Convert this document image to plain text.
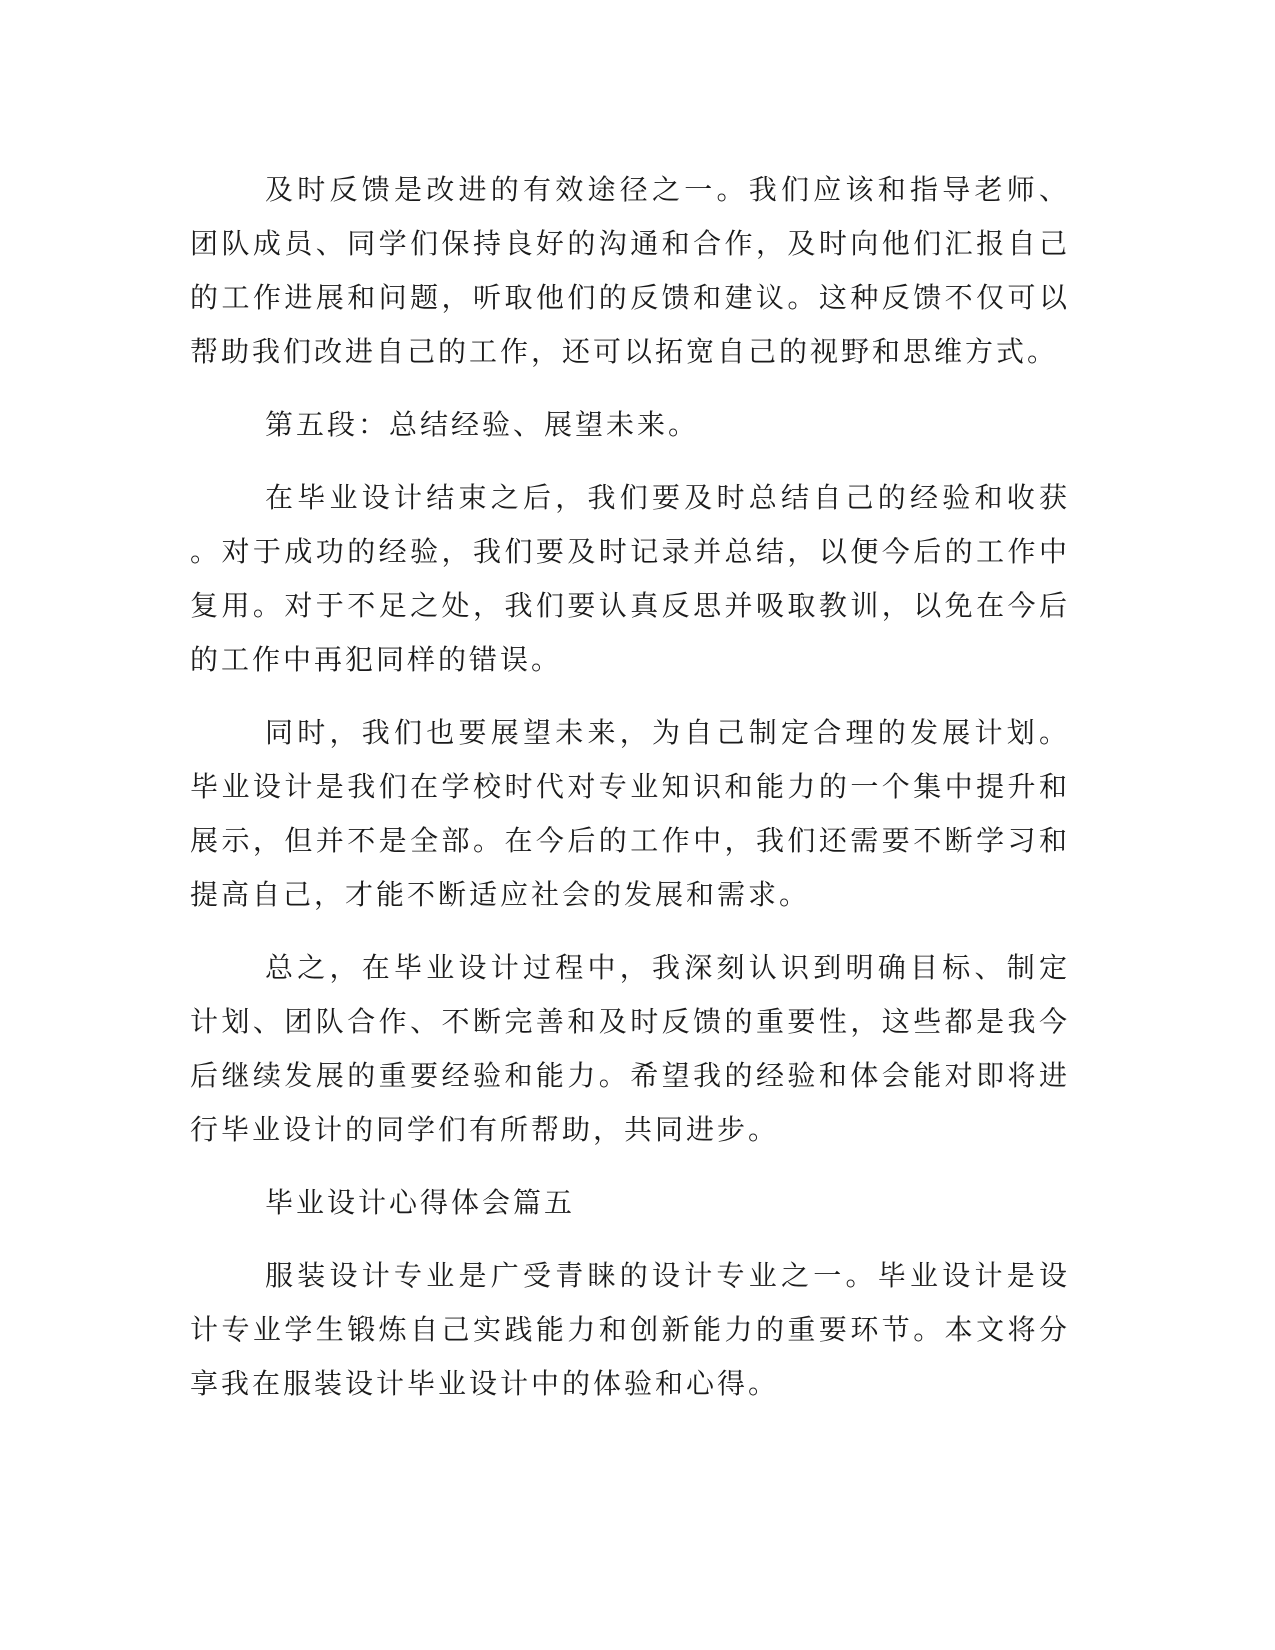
及时反馈是改进的有效途径之一。我们应该和指导老师、团队成员、同学们保持良好的沟通和合作，及时向他们汇报自己的工作进展和问题，听取他们的反馈和建议。这种反馈不仅可以帮助我们改进自己的工作，还可以拓宽自己的视野和思维方式。

第五段：总结经验、展望未来。

在毕业设计结束之后，我们要及时总结自己的经验和收获。对于成功的经验，我们要及时记录并总结，以便今后的工作中复用。对于不足之处，我们要认真反思并吸取教训，以免在今后的工作中再犯同样的错误。

同时，我们也要展望未来，为自己制定合理的发展计划。毕业设计是我们在学校时代对专业知识和能力的一个集中提升和展示，但并不是全部。在今后的工作中，我们还需要不断学习和提高自己，才能不断适应社会的发展和需求。

总之，在毕业设计过程中，我深刻认识到明确目标、制定计划、团队合作、不断完善和及时反馈的重要性，这些都是我今后继续发展的重要经验和能力。希望我的经验和体会能对即将进行毕业设计的同学们有所帮助，共同进步。

毕业设计心得体会篇五

服装设计专业是广受青睐的设计专业之一。毕业设计是设计专业学生锻炼自己实践能力和创新能力的重要环节。本文将分享我在服装设计毕业设计中的体验和心得。
